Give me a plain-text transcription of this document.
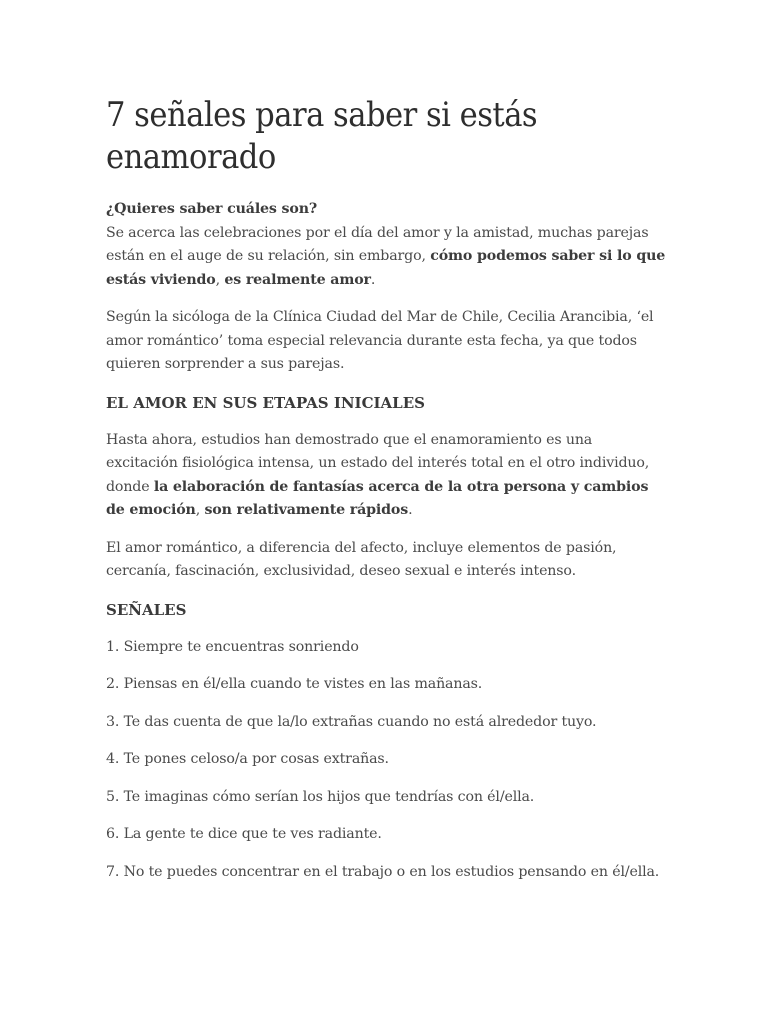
7 señales para saber si estás enamorado

¿Quieres saber cuáles son?

Se acerca las celebraciones por el día del amor y la amistad, muchas parejas están en el auge de su relación, sin embargo, cómo podemos saber si lo que estás viviendo, es realmente amor.

Según la sicóloga de la Clínica Ciudad del Mar de Chile, Cecilia Arancibia, ‘el amor romántico’ toma especial relevancia durante esta fecha, ya que todos quieren sorprender a sus parejas.

EL AMOR EN SUS ETAPAS INICIALES

Hasta ahora, estudios han demostrado que el enamoramiento es una excitación fisiológica intensa, un estado del interés total en el otro individuo, donde la elaboración de fantasías acerca de la otra persona y cambios de emoción, son relativamente rápidos.

El amor romántico, a diferencia del afecto, incluye elementos de pasión, cercanía, fascinación, exclusividad, deseo sexual e interés intenso.

SEÑALES

1. Siempre te encuentras sonriendo

2. Piensas en él/ella cuando te vistes en las mañanas.

3. Te das cuenta de que la/lo extrañas cuando no está alrededor tuyo.

4. Te pones celoso/a por cosas extrañas.

5. Te imaginas cómo serían los hijos que tendrías con él/ella.

6. La gente te dice que te ves radiante.

7. No te puedes concentrar en el trabajo o en los estudios pensando en él/ella.
